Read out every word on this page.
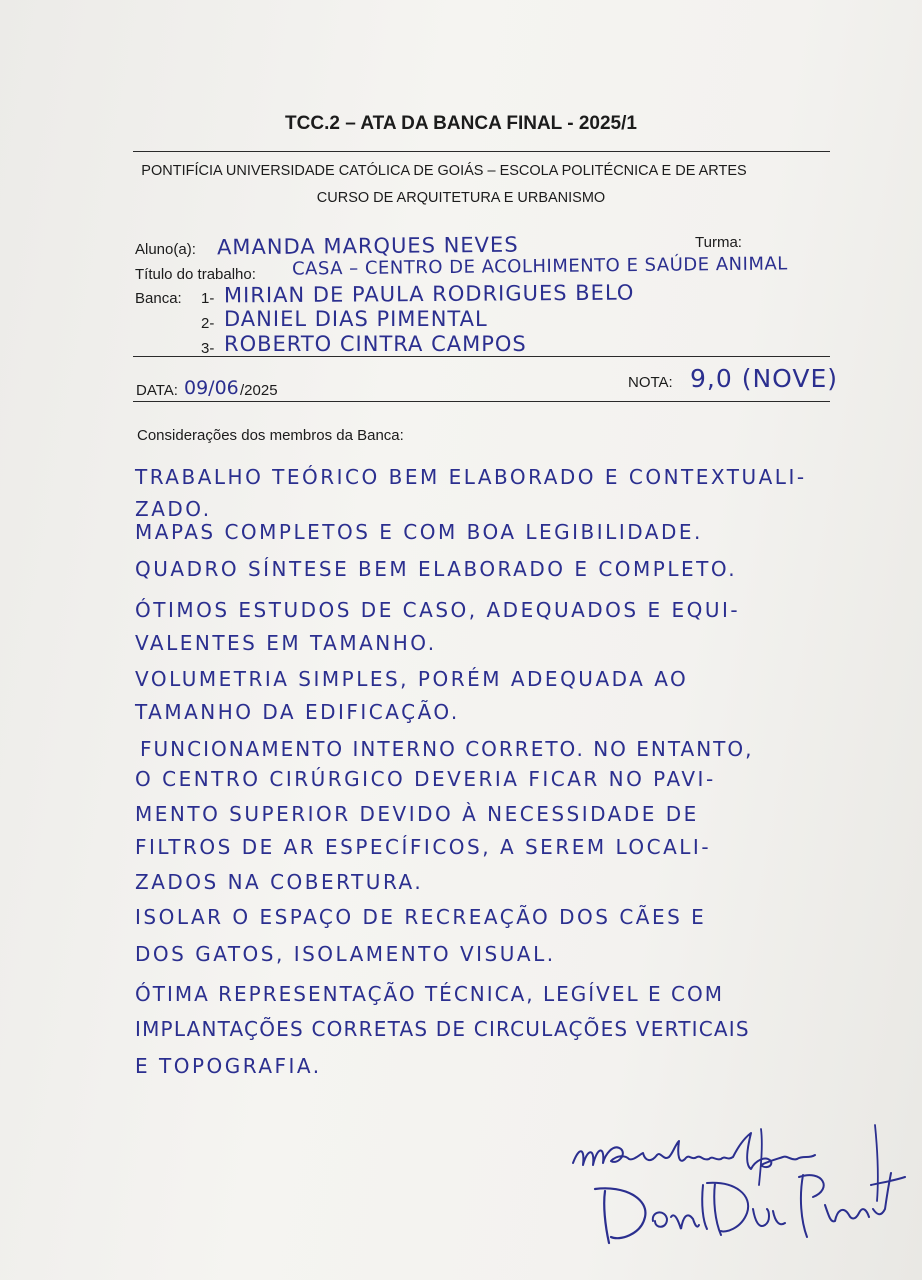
TCC.2 – ATA DA BANCA FINAL - 2025/1
PONTIFÍCIA UNIVERSIDADE CATÓLICA DE GOIÁS – ESCOLA POLITÉCNICA E DE ARTES
CURSO DE ARQUITETURA E URBANISMO
Aluno(a): AMANDA MARQUES NEVES	Turma:
Título do trabalho: CASA – CENTRO DE ACOLHIMENTO E SAÚDE ANIMAL
Banca: 1- MIRIAN DE PAULA RODRIGUES BELO
2- DANIEL DIAS PIMENTAL
3- ROBERTO CINTRA CAMPOS
DATA: 09/06 /2025	NOTA: 9,0 (NOVE)
Considerações dos membros da Banca:
TRABALHO TEÓRICO BEM ELABORADO E CONTEXTUALI-
ZADO.
MAPAS COMPLETOS E COM BOA LEGIBILIDADE.
QUADRO SÍNTESE BEM ELABORADO E COMPLETO.
ÓTIMOS ESTUDOS DE CASO, ADEQUADOS E EQUI-
VALENTES EM TAMANHO.
VOLUMETRIA SIMPLES, PORÉM ADEQUADA AO
TAMANHO DA EDIFICAÇÃO.
FUNCIONAMENTO INTERNO CORRETO. NO ENTANTO,
O CENTRO CIRÚRGICO DEVERIA FICAR NO PAVI-
MENTO SUPERIOR DEVIDO À NECESSIDADE DE
FILTROS DE AR ESPECÍFICOS, A SEREM LOCALI-
ZADOS NA COBERTURA.
ISOLAR O ESPAÇO DE RECREAÇÃO DOS CÃES E
DOS GATOS, ISOLAMENTO VISUAL.
ÓTIMA REPRESENTAÇÃO TÉCNICA, LEGÍVEL E COM
IMPLANTAÇÕES CORRETAS DE CIRCULAÇÕES VERTICAIS
E TOPOGRAFIA.
